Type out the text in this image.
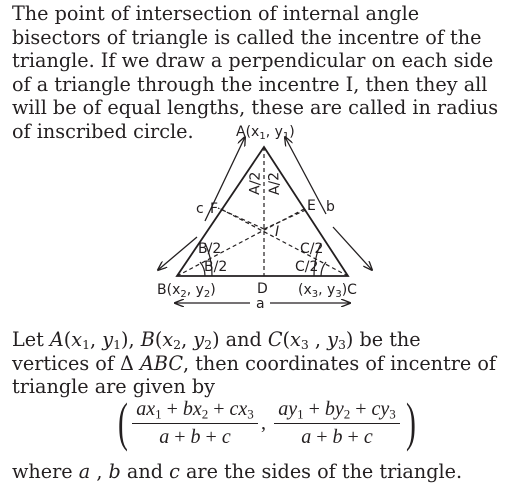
The point of intersection of internal angle bisectors of triangle is called the incentre of the triangle. If we draw a perpendicular on each side of a triangle through the incentre I, then they all will be of equal lengths, these are called in radius of inscribed circle.	$A(x_1$, $y_1$)
$B(x_2$, $y_2$)	($x_3$, $y_3)C$
A/2 A/2
B/2
B/2
C/2
C/2
I
D
F	E
a
b
c

Let $A(x_1$, $y_1$), $B(x_2$, $y_2$) and $C(x_3$ , $y_3$) be the vertices of Δ ABC, then coordinates of incentre of triangle are given by

( $\frac{ax_1 + bx_2 + cx_3}{a + b + c}$ , $\frac{ay_1 + by_2 + cy_3}{a + b + c}$ )

where a , b and c are the sides of the triangle.
